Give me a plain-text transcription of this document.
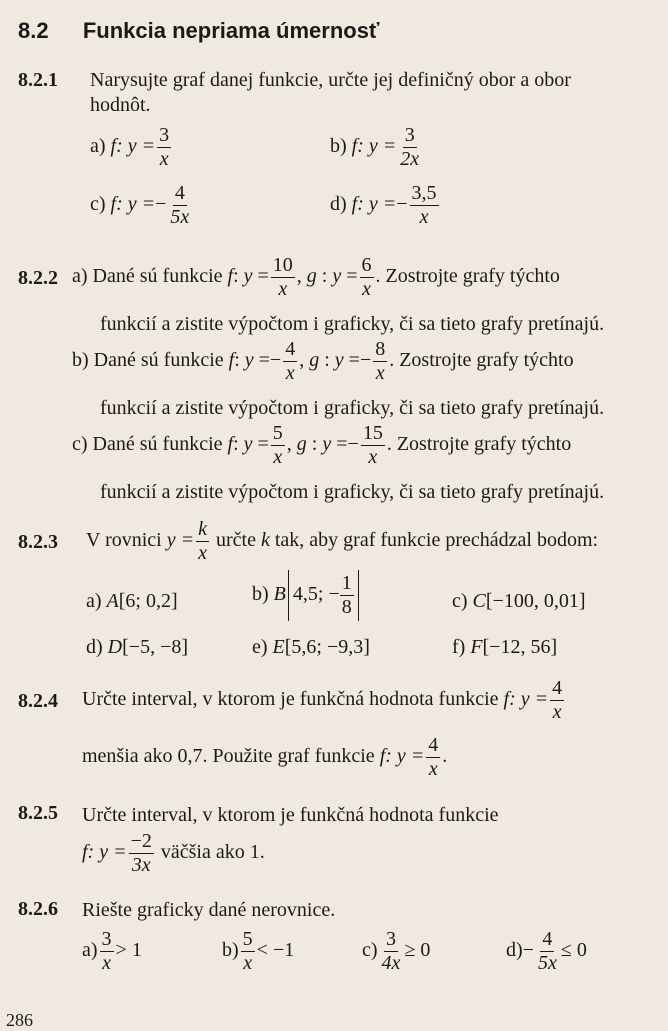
8.2 Funkcia nepriama úmernosť
8.2.1 Narysujte graf danej funkcie, určte jej definičný obor a obor
hodnôt.
a) f: $y = \frac{3}{x}$	b) f: $y = \frac{3}{2x}$
c) f: $y =- \frac{4}{5x}$	d) f: $y =- \frac{3,5}{x}$
8.2.2 a) Dané sú funkcie f: $y = \frac{10}{x}$ , g : $y = \frac{6}{x}$ . Zostrojte grafy týchto
funkcií a zistite výpočtom i graficky, či sa tieto grafy pretínajú.
b) Dané sú funkcie f: $y =- \frac{4}{x}$ , g : $y =- \frac{8}{x}$ . Zostrojte grafy týchto
funkcií a zistite výpočtom i graficky, či sa tieto grafy pretínajú.
c) Dané sú funkcie f: $y = \frac{5}{x}$ , g : $y =- \frac{15}{x}$ . Zostrojte grafy týchto
funkcií a zistite výpočtom i graficky, či sa tieto grafy pretínajú.
8.2.3 V rovnici $y = \frac{k}{x}$ určte k tak, aby graf funkcie prechádzal bodom:
a) A[6; 0,2]	b) B 4,5; − $\frac{1}{8}$	c) C[−100, 0,01]
d) D[−5, −8]	e) E[5,6; −9,3]	f) F[−12, 56]
8.2.4 Určte interval, v ktorom je funkčná hodnota funkcie f: $y = \frac{4}{x}$
menšia ako 0,7. Použite graf funkcie f: $y = \frac{4}{x}$ .
8.2.5 Určte interval, v ktorom je funkčná hodnota funkcie
f: $y = \frac{-2}{3x}$ väčšia ako 1.
8.2.6 Riešte graficky dané nerovnice.
$a) \frac{3}{x} > 1$	$b) \frac{5}{x} < -1$	$c) \frac{3}{4x} \ge 0$	$d)- \frac{4}{5x} \le 0$
286
